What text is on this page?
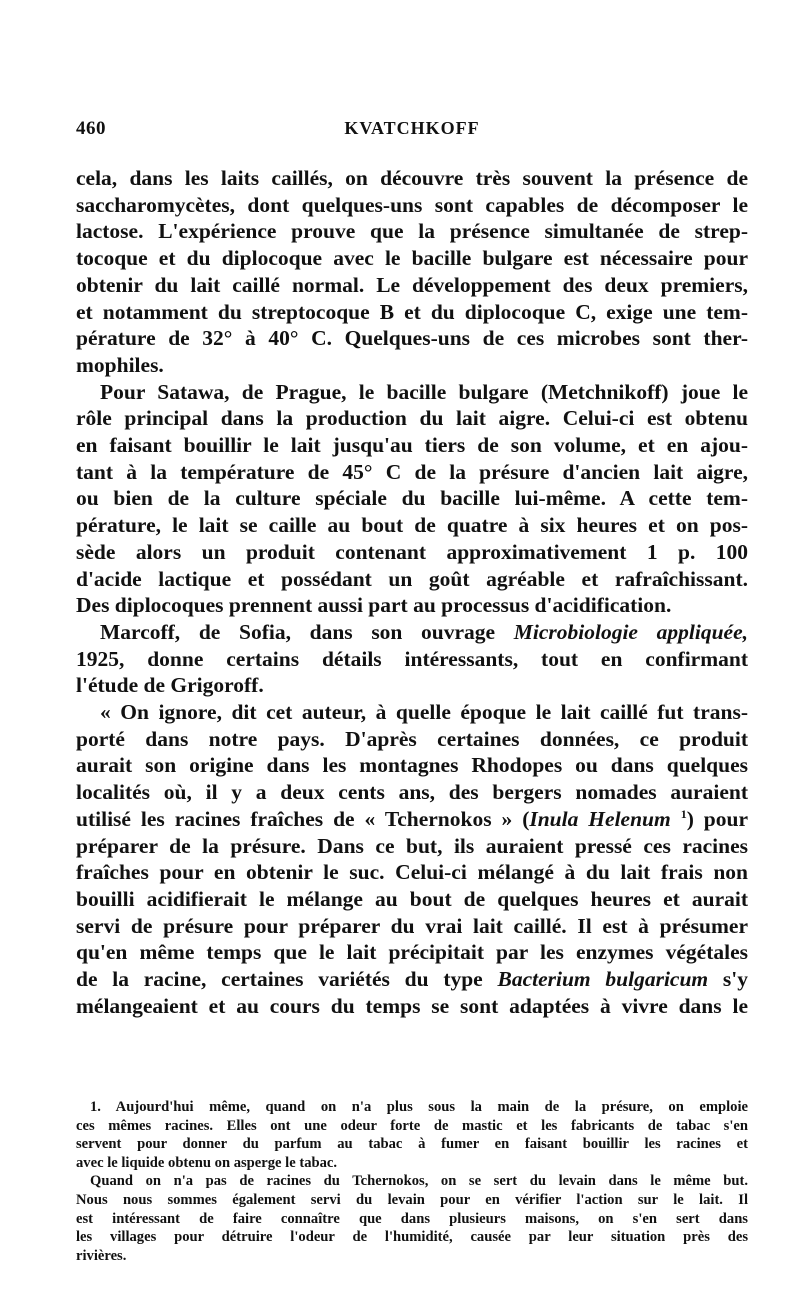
460	KVATCHKOFF

cela, dans les laits caillés, on découvre très souvent la présence de
saccharomycètes, dont quelques-uns sont capables de décomposer le
lactose. L'expérience prouve que la présence simultanée de strep-
tocoque et du diplocoque avec le bacille bulgare est nécessaire pour
obtenir du lait caillé normal. Le développement des deux premiers,
et notamment du streptocoque B et du diplocoque C, exige une tem-
pérature de 32° à 40° C. Quelques-uns de ces microbes sont ther-
mophiles.

Pour Satawa, de Prague, le bacille bulgare (Metchnikoff) joue le
rôle principal dans la production du lait aigre. Celui-ci est obtenu
en faisant bouillir le lait jusqu'au tiers de son volume, et en ajou-
tant à la température de 45° C de la présure d'ancien lait aigre,
ou bien de la culture spéciale du bacille lui-même. A cette tem-
pérature, le lait se caille au bout de quatre à six heures et on pos-
sède alors un produit contenant approximativement 1 p. 100
d'acide lactique et possédant un goût agréable et rafraîchissant.
Des diplocoques prennent aussi part au processus d'acidification.

Marcoff, de Sofia, dans son ouvrage Microbiologie appliquée,
1925, donne certains détails intéressants, tout en confirmant
l'étude de Grigoroff.

« On ignore, dit cet auteur, à quelle époque le lait caillé fut trans-
porté dans notre pays. D'après certaines données, ce produit
aurait son origine dans les montagnes Rhodopes ou dans quelques
localités où, il y a deux cents ans, des bergers nomades auraient
utilisé les racines fraîches de « Tchernokos » (Inula Helenum $^1$) pour
préparer de la présure. Dans ce but, ils auraient pressé ces racines
fraîches pour en obtenir le suc. Celui-ci mélangé à du lait frais non
bouilli acidifierait le mélange au bout de quelques heures et aurait
servi de présure pour préparer du vrai lait caillé. Il est à présumer
qu'en même temps que le lait précipitait par les enzymes végétales
de la racine, certaines variétés du type Bacterium bulgaricum s'y
mélangeaient et au cours du temps se sont adaptées à vivre dans le

1. Aujourd'hui même, quand on n'a plus sous la main de la présure, on emploie
ces mêmes racines. Elles ont une odeur forte de mastic et les fabricants de tabac s'en
servent pour donner du parfum au tabac à fumer en faisant bouillir les racines et
avec le liquide obtenu on asperge le tabac.

Quand on n'a pas de racines du Tchernokos, on se sert du levain dans le même but.
Nous nous sommes également servi du levain pour en vérifier l'action sur le lait. Il
est intéressant de faire connaître que dans plusieurs maisons, on s'en sert dans
les villages pour détruire l'odeur de l'humidité, causée par leur situation près des
rivières.
